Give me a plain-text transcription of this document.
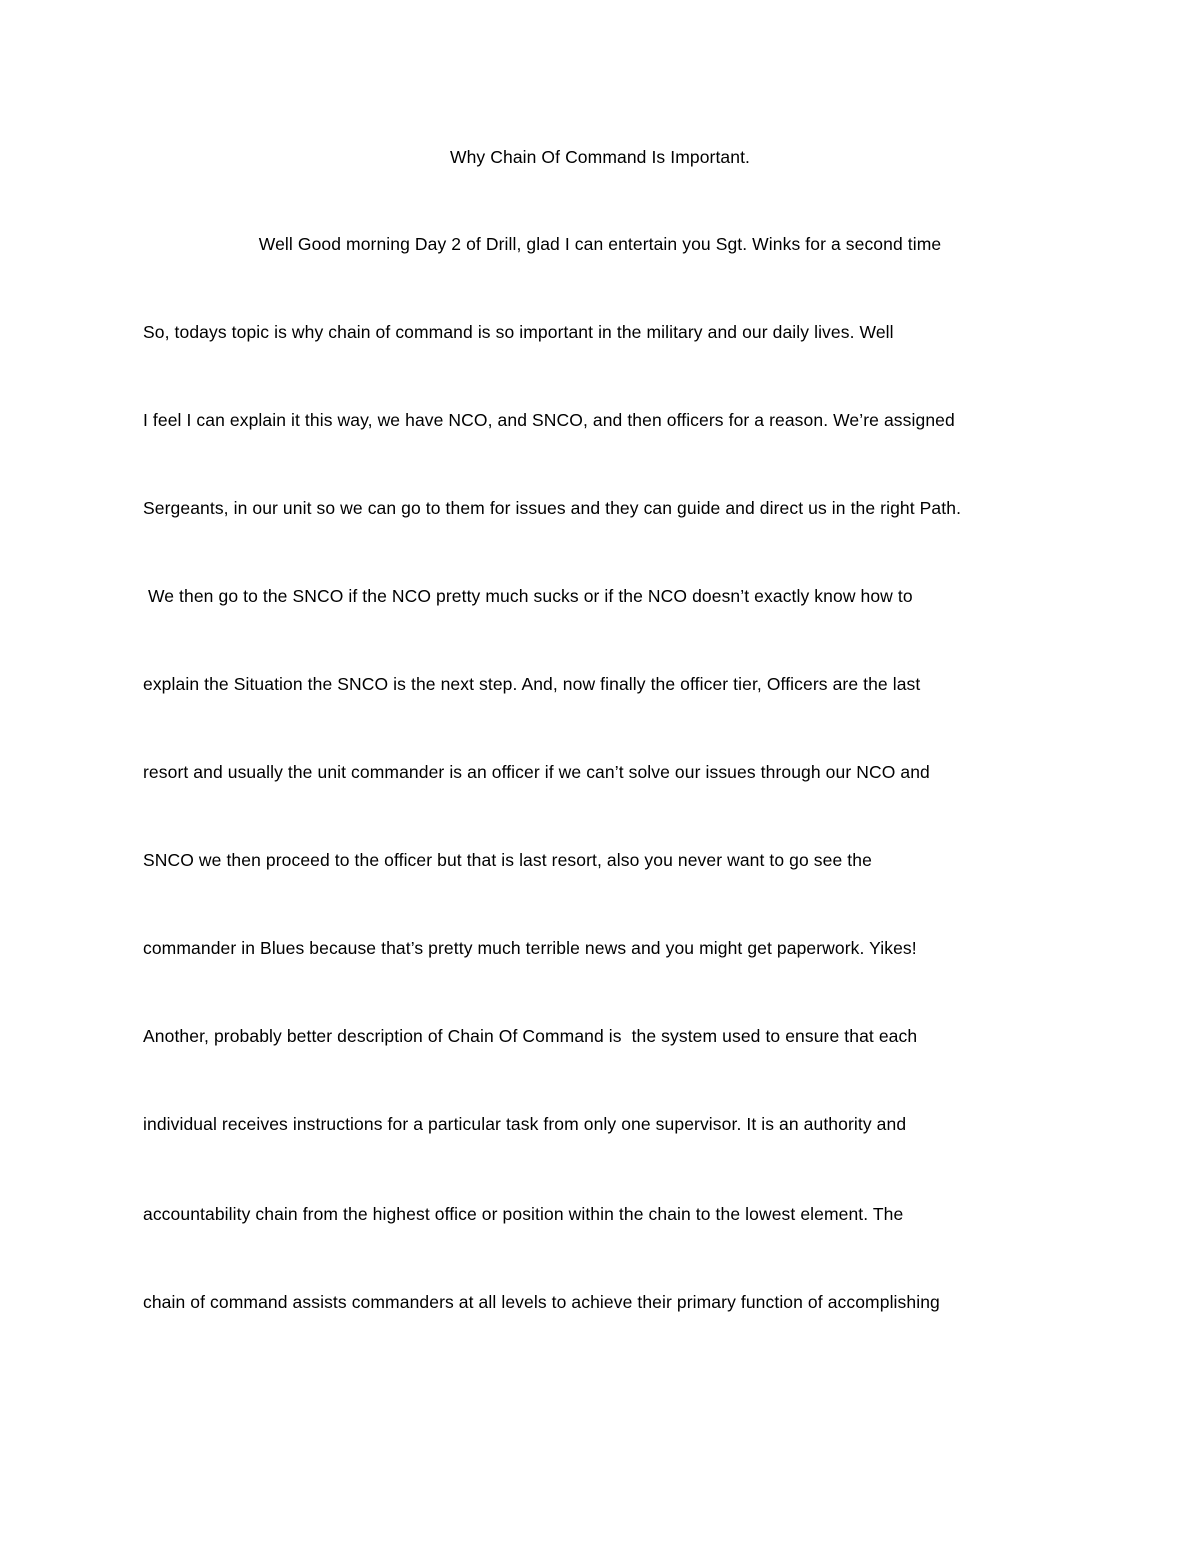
Why Chain Of Command Is Important.
Well Good morning Day 2 of Drill, glad I can entertain you Sgt. Winks for a second time
So, todays topic is why chain of command is so important in the military and our daily lives. Well
I feel I can explain it this way, we have NCO, and SNCO, and then officers for a reason. We’re assigned
Sergeants, in our unit so we can go to them for issues and they can guide and direct us in the right Path.
We then go to the SNCO if the NCO pretty much sucks or if the NCO doesn’t exactly know how to
explain the Situation the SNCO is the next step. And, now finally the officer tier, Officers are the last
resort and usually the unit commander is an officer if we can’t solve our issues through our NCO and
SNCO we then proceed to the officer but that is last resort, also you never want to go see the
commander in Blues because that’s pretty much terrible news and you might get paperwork. Yikes!
Another, probably better description of Chain Of Command is  the system used to ensure that each
individual receives instructions for a particular task from only one supervisor. It is an authority and
accountability chain from the highest office or position within the chain to the lowest element. The
chain of command assists commanders at all levels to achieve their primary function of accomplishing
